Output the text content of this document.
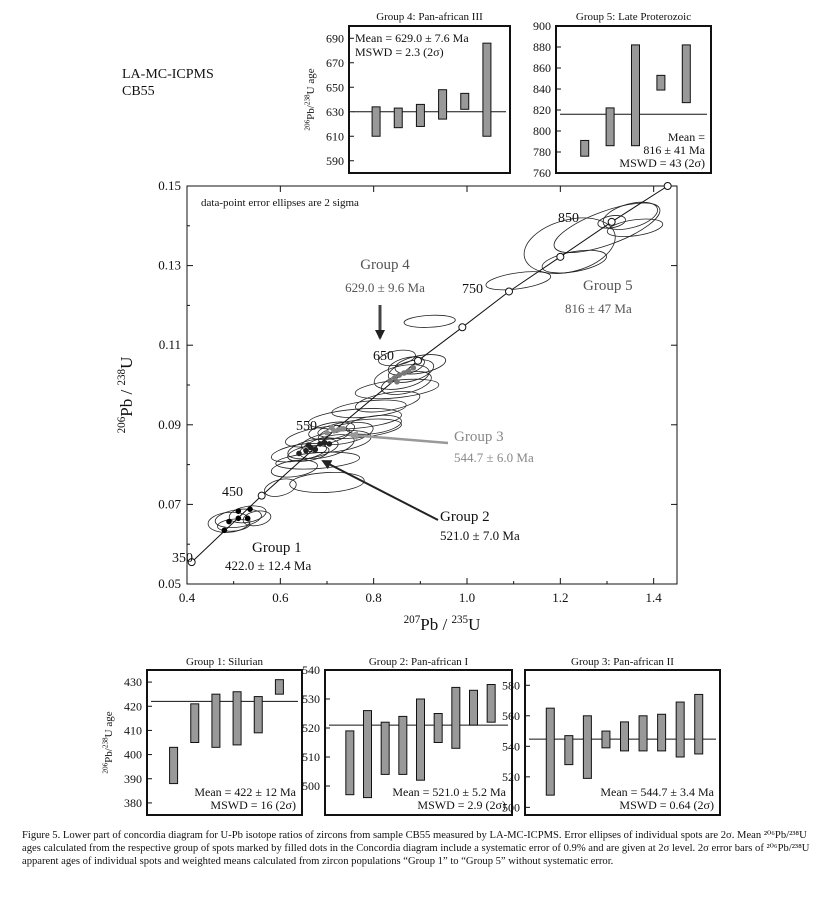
LA-MC-ICPMS
CB55
0.4	0.6	0.8	1.0	1.2	1.4
0.05
0.07
0.09
0.11
0.13
0.15
$^{207}$Pb / $^{235}$U
$^{206}$Pb / $^{238}$U
data-point error ellipses are 2 sigma
350
450
550
650
750
850
Group 1
422.0 ± 12.4 Ma
Group 2
521.0 ± 7.0 Ma
Group 3
544.7 ± 6.0 Ma
Group 4
629.0 ± 9.6 Ma	Group 5
816 ± 47 Ma
Group 4: Pan-african III
590
610
630
650
670
690
$^{206}$Pb/$^{238}$U age
Mean = 629.0 ± 7.6 Ma
MSWD = 2.3 (2σ)
Group 5: Late Proterozoic
760
780
800
820
840
860
880
900
Mean =
816 ± 41 Ma
MSWD = 43 (2σ)
Group 1: Silurian
380
390
400
410
420
430
$^{206}$Pb/$^{238}$U age
Mean = 422 ± 12 Ma
MSWD = 16 (2σ)
Group 2: Pan-african I
500
510
520
530
540
Mean = 521.0 ± 5.2 Ma
MSWD = 2.9 (2σ)
Group 3: Pan-african II
500
520
540
560
580
Mean = 544.7 ± 3.4 Ma
MSWD = 0.64 (2σ)
Figure 5. Lower part of concordia diagram for U-Pb isotope ratios of zircons from sample CB55 measured by LA-MC-ICPMS. Error ellipses of individual spots are 2σ. Mean ²⁰⁶Pb/²³⁸U ages calculated from the respective group of spots marked by filled dots in the Concordia diagram include a systematic error of 0.9% and are given at 2σ level. 2σ error bars of ²⁰⁶Pb/²³⁸U apparent ages of individual spots and weighted means calculated from zircon populations “Group 1” to “Group 5” without systematic error.
